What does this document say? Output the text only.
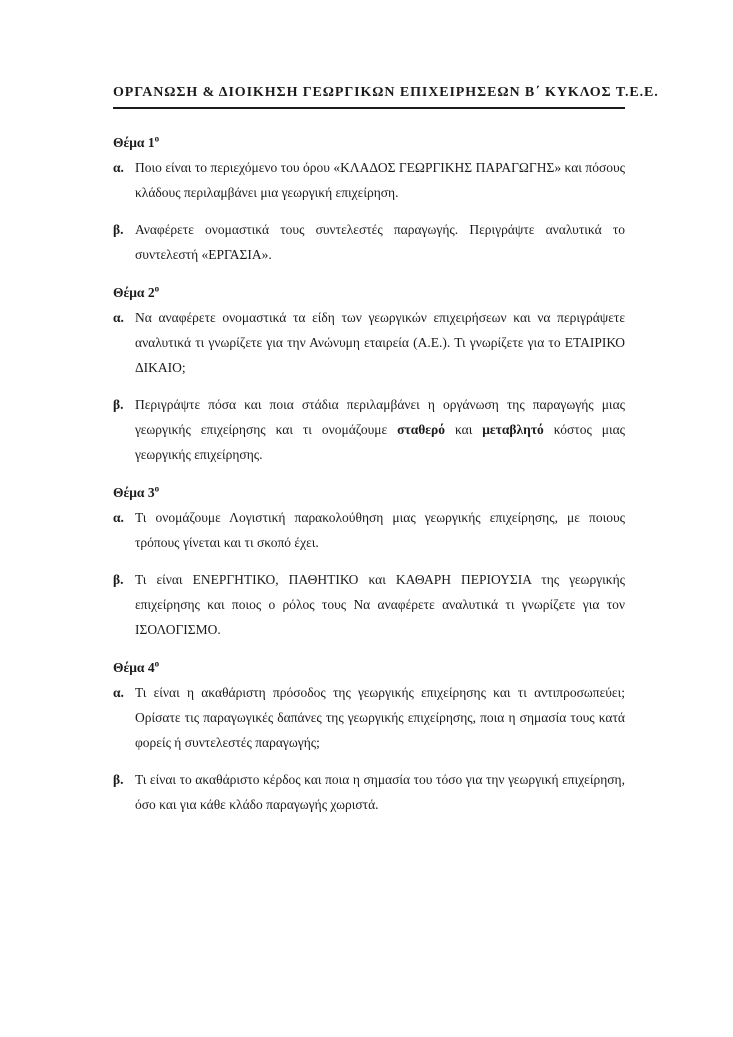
ΟΡΓΑΝΩΣΗ & ΔΙΟΙΚΗΣΗ ΓΕΩΡΓΙΚΩΝ ΕΠΙΧΕΙΡΗΣΕΩΝ Β΄ ΚΥΚΛΟΣ Τ.Ε.Ε.
Θέμα $1^o$
α. Ποιο είναι το περιεχόμενο του όρου «ΚΛΑΔΟΣ ΓΕΩΡΓΙΚΗΣ ΠΑΡΑΓΩΓΗΣ» και πόσους κλάδους περιλαμβάνει μια γεωργική επιχείρηση.

β. Αναφέρετε ονομαστικά τους συντελεστές παραγωγής. Περιγράψτε αναλυτικά το συντελεστή «ΕΡΓΑΣΙΑ».

Θέμα $2^o$
α. Να αναφέρετε ονομαστικά τα είδη των γεωργικών επιχειρήσεων και να περιγράψετε αναλυτικά τι γνωρίζετε για την Ανώνυμη εταιρεία (Α.Ε.). Τι γνωρίζετε για το ΕΤΑΙΡΙΚΟ ΔΙΚΑΙΟ;

β. Περιγράψτε πόσα και ποια στάδια περιλαμβάνει η οργάνωση της παραγωγής μιας γεωργικής επιχείρησης και τι ονομάζουμε σταθερό και μεταβλητό κόστος μιας γεωργικής επιχείρησης.

Θέμα $3^o$
α. Τι ονομάζουμε Λογιστική παρακολούθηση μιας γεωργικής επιχείρησης, με ποιους τρόπους γίνεται και τι σκοπό έχει.

β. Τι είναι ΕΝΕΡΓΗΤΙΚΟ, ΠΑΘΗΤΙΚΟ και ΚΑΘΑΡΗ ΠΕΡΙΟΥΣΙΑ της γεωργικής επιχείρησης και ποιος ο ρόλος τους Να αναφέρετε αναλυτικά τι γνωρίζετε για τον ΙΣΟΛΟΓΙΣΜΟ.

Θέμα $4^o$
α. Τι είναι η ακαθάριστη πρόσοδος της γεωργικής επιχείρησης και τι αντιπροσωπεύει; Ορίσατε τις παραγωγικές δαπάνες της γεωργικής επιχείρησης, ποια η σημασία τους κατά φορείς ή συντελεστές παραγωγής;

β. Τι είναι το ακαθάριστο κέρδος και ποια η σημασία του τόσο για την γεωργική επιχείρηση, όσο και για κάθε κλάδο παραγωγής χωριστά.
